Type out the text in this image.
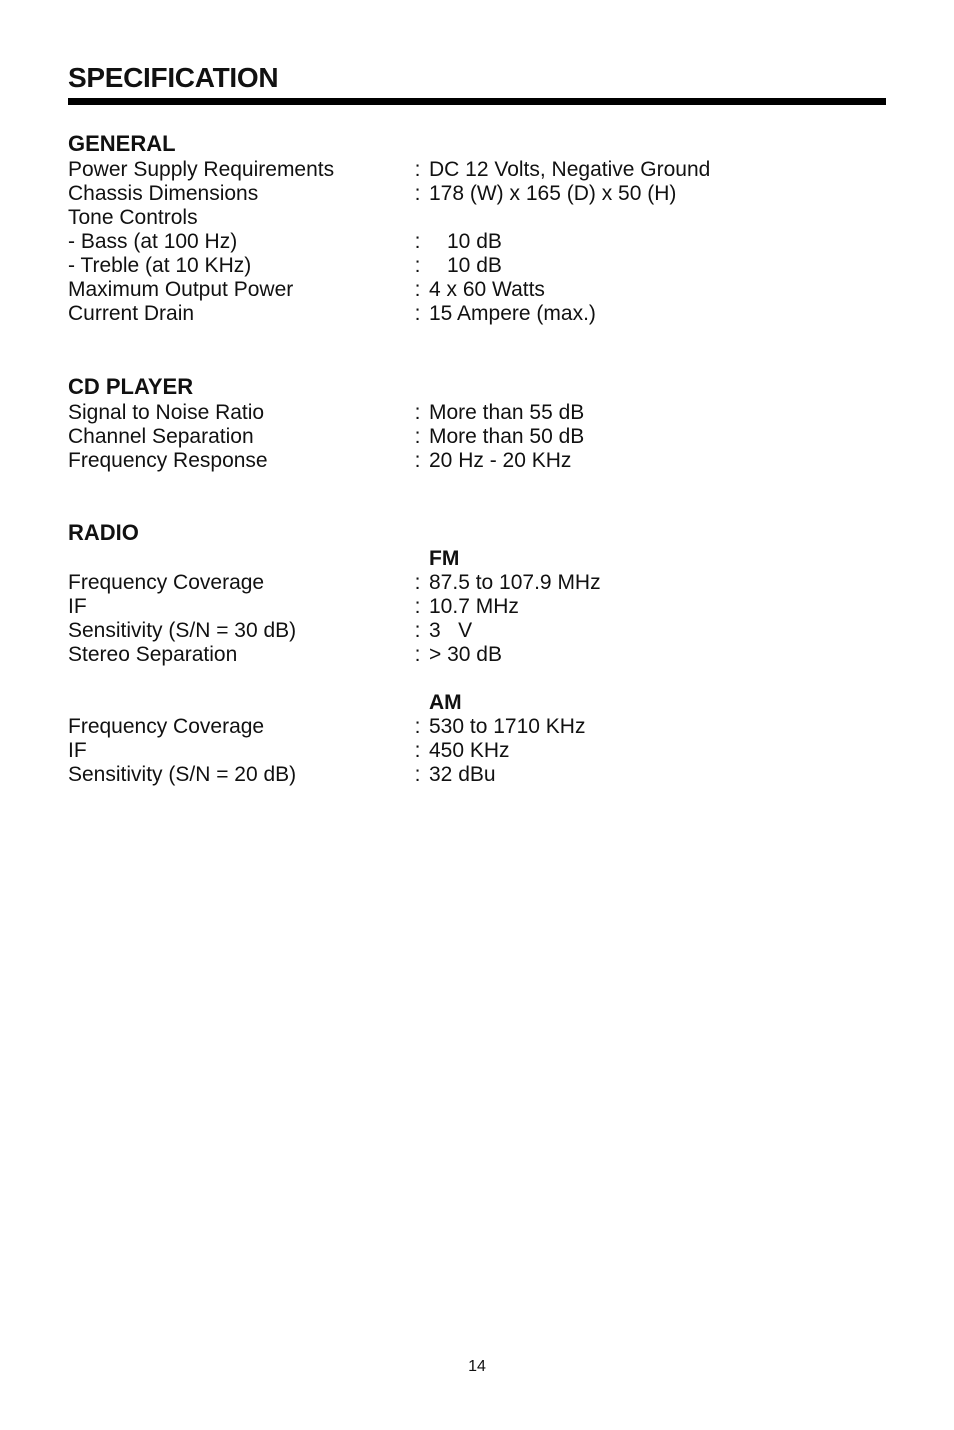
SPECIFICATION
GENERAL
Power Supply Requirements	: DC 12 Volts, Negative Ground
Chassis Dimensions	: 178 (W) x 165 (D) x 50 (H)
Tone Controls
- Bass (at 100 Hz)	:	10 dB
- Treble (at 10 KHz)	:	10 dB
Maximum Output Power	: 4 x 60 Watts
Current Drain	: 15 Ampere (max.)
CD PLAYER
Signal to Noise Ratio	: More than 55 dB
Channel Separation	: More than 50 dB
Frequency Response	: 20 Hz - 20 KHz
RADIO
FM
Frequency Coverage	: 87.5 to 107.9 MHz
IF	: 10.7 MHz
Sensitivity (S/N = 30 dB)	: 3   V
Stereo Separation	: > 30 dB
AM
Frequency Coverage	: 530 to 1710 KHz
IF	: 450 KHz
Sensitivity (S/N = 20 dB)	: 32 dBu
14
